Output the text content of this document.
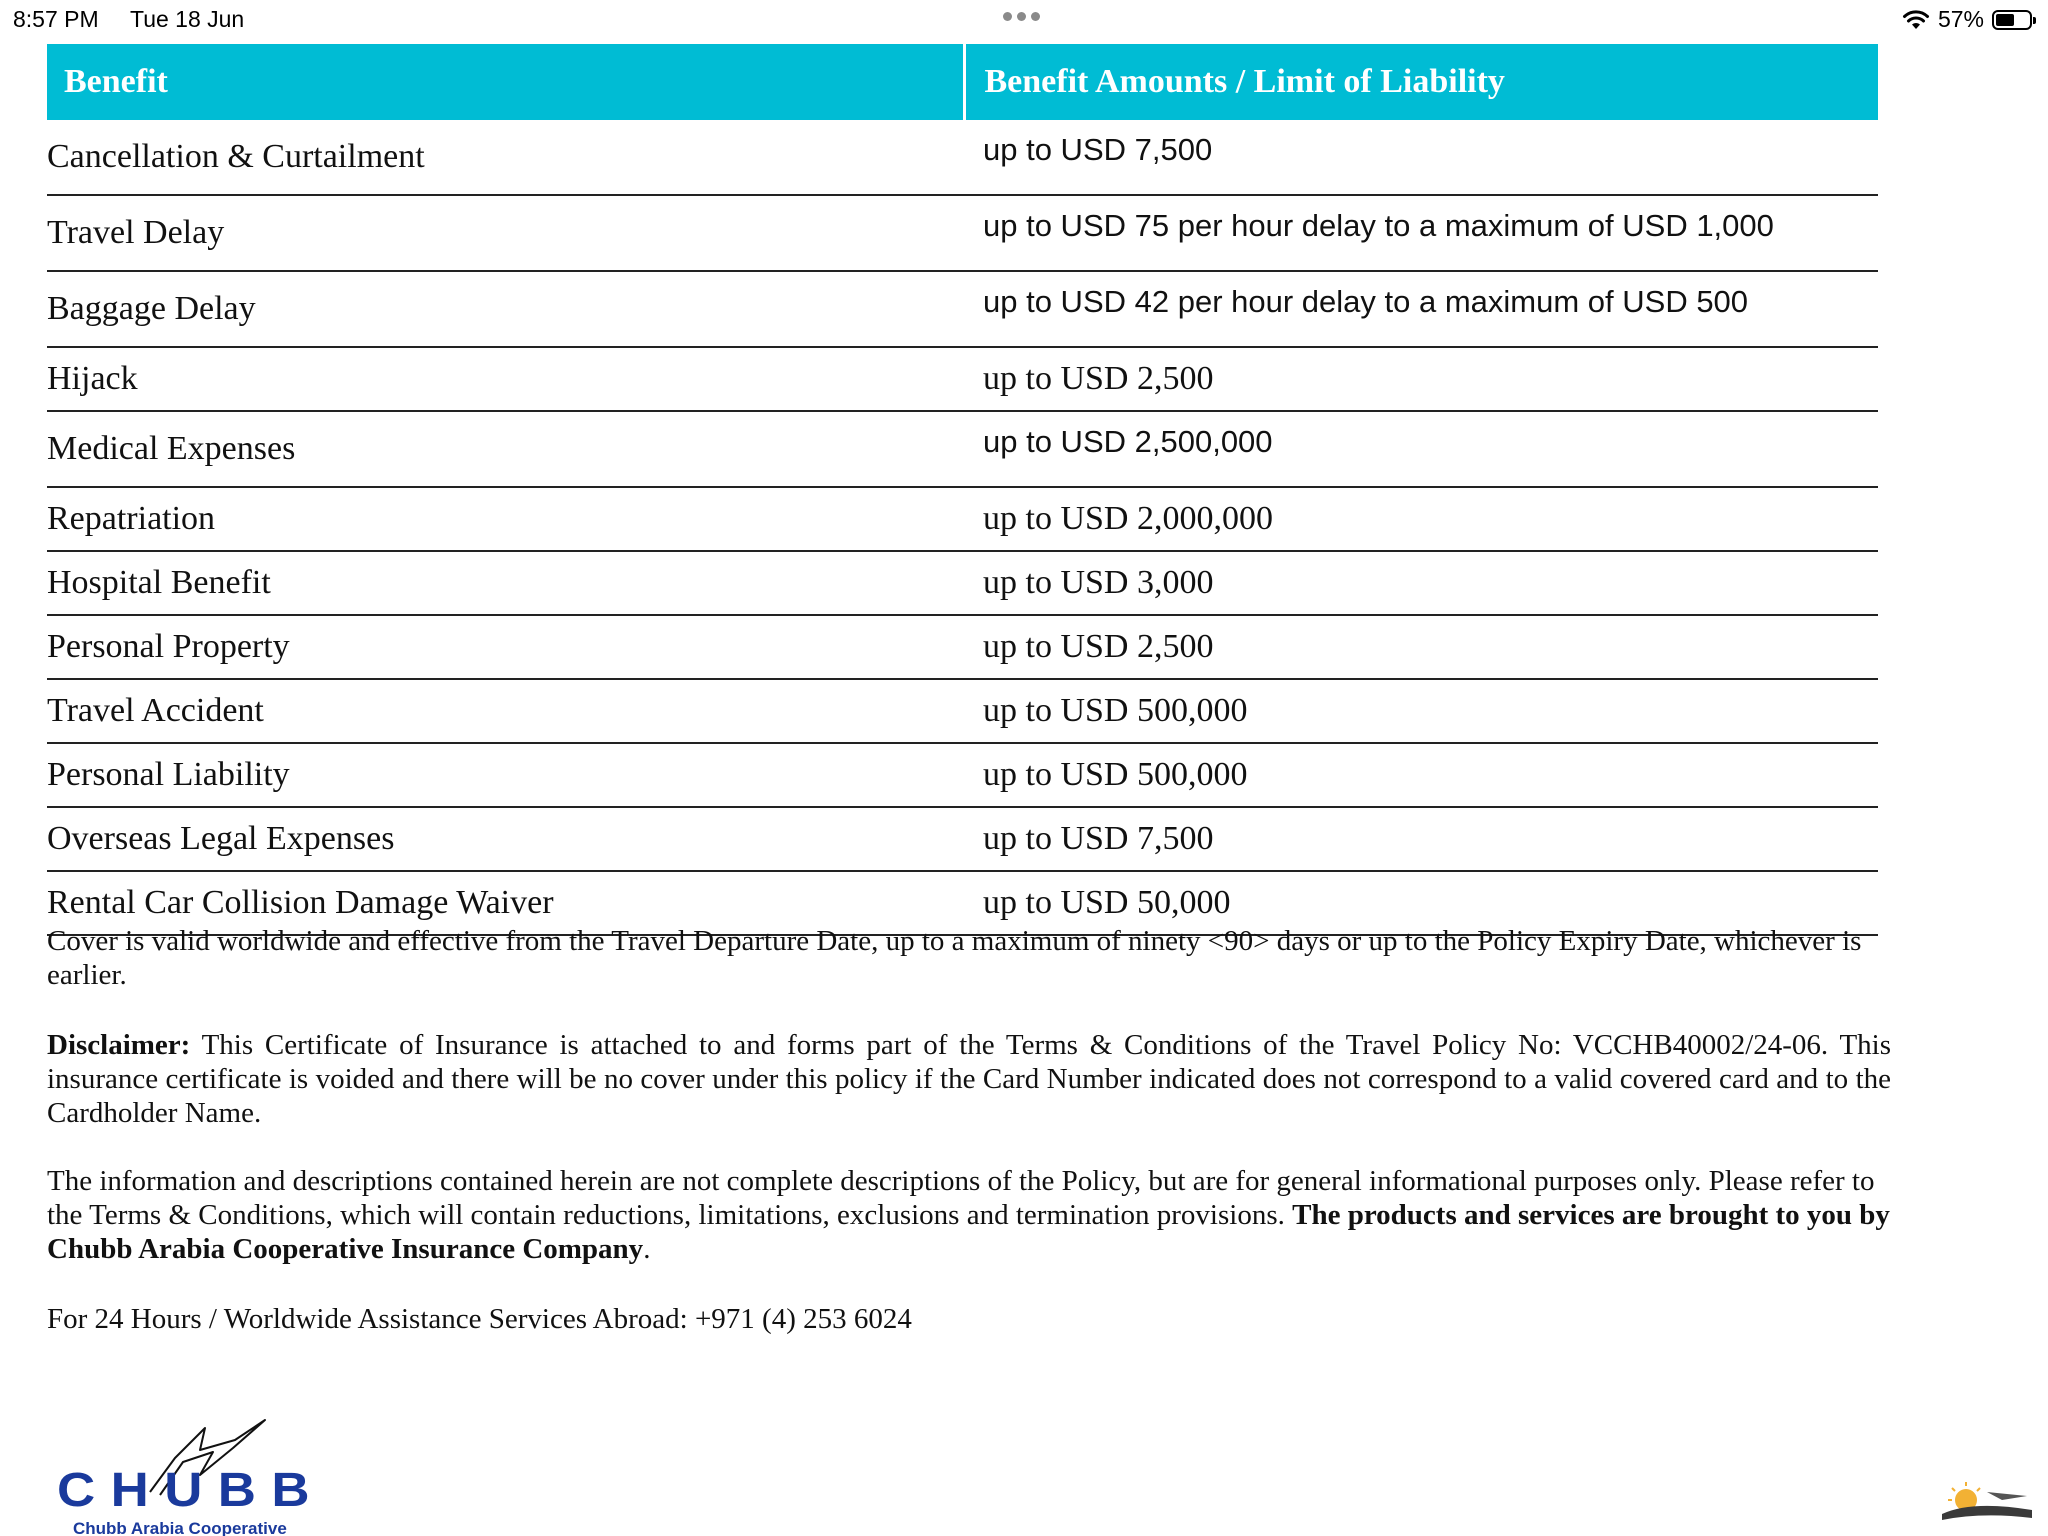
8:57 PM Tue 18 Jun	57%
Benefit	Benefit Amounts / Limit of Liability
Cancellation & Curtailment	up to USD 7,500
Travel Delay	up to USD 75 per hour delay to a maximum of USD 1,000
Baggage Delay	up to USD 42 per hour delay to a maximum of USD 500
Hijack	up to USD 2,500
Medical Expenses	up to USD 2,500,000
Repatriation	up to USD 2,000,000
Hospital Benefit	up to USD 3,000
Personal Property	up to USD 2,500
Travel Accident	up to USD 500,000
Personal Liability	up to USD 500,000
Overseas Legal Expenses	up to USD 7,500
Rental Car Collision Damage Waiver	up to USD 50,000

Cover is valid worldwide and effective from the Travel Departure Date, up to a maximum of ninety <90> days or up to the Policy Expiry Date, whichever is earlier.

Disclaimer: This Certificate of Insurance is attached to and forms part of the Terms & Conditions of the Travel Policy No: VCCHB40002/24-06. This insurance certificate is voided and there will be no cover under this policy if the Card Number indicated does not correspond to a valid covered card and to the Cardholder Name.

The information and descriptions contained herein are not complete descriptions of the Policy, but are for general informational purposes only. Please refer to the Terms & Conditions, which will contain reductions, limitations, exclusions and termination provisions. The products and services are brought to you by Chubb Arabia Cooperative Insurance Company.

For 24 Hours / Worldwide Assistance Services Abroad: +971 (4) 253 6024

CHUBB
Chubb Arabia Cooperative
